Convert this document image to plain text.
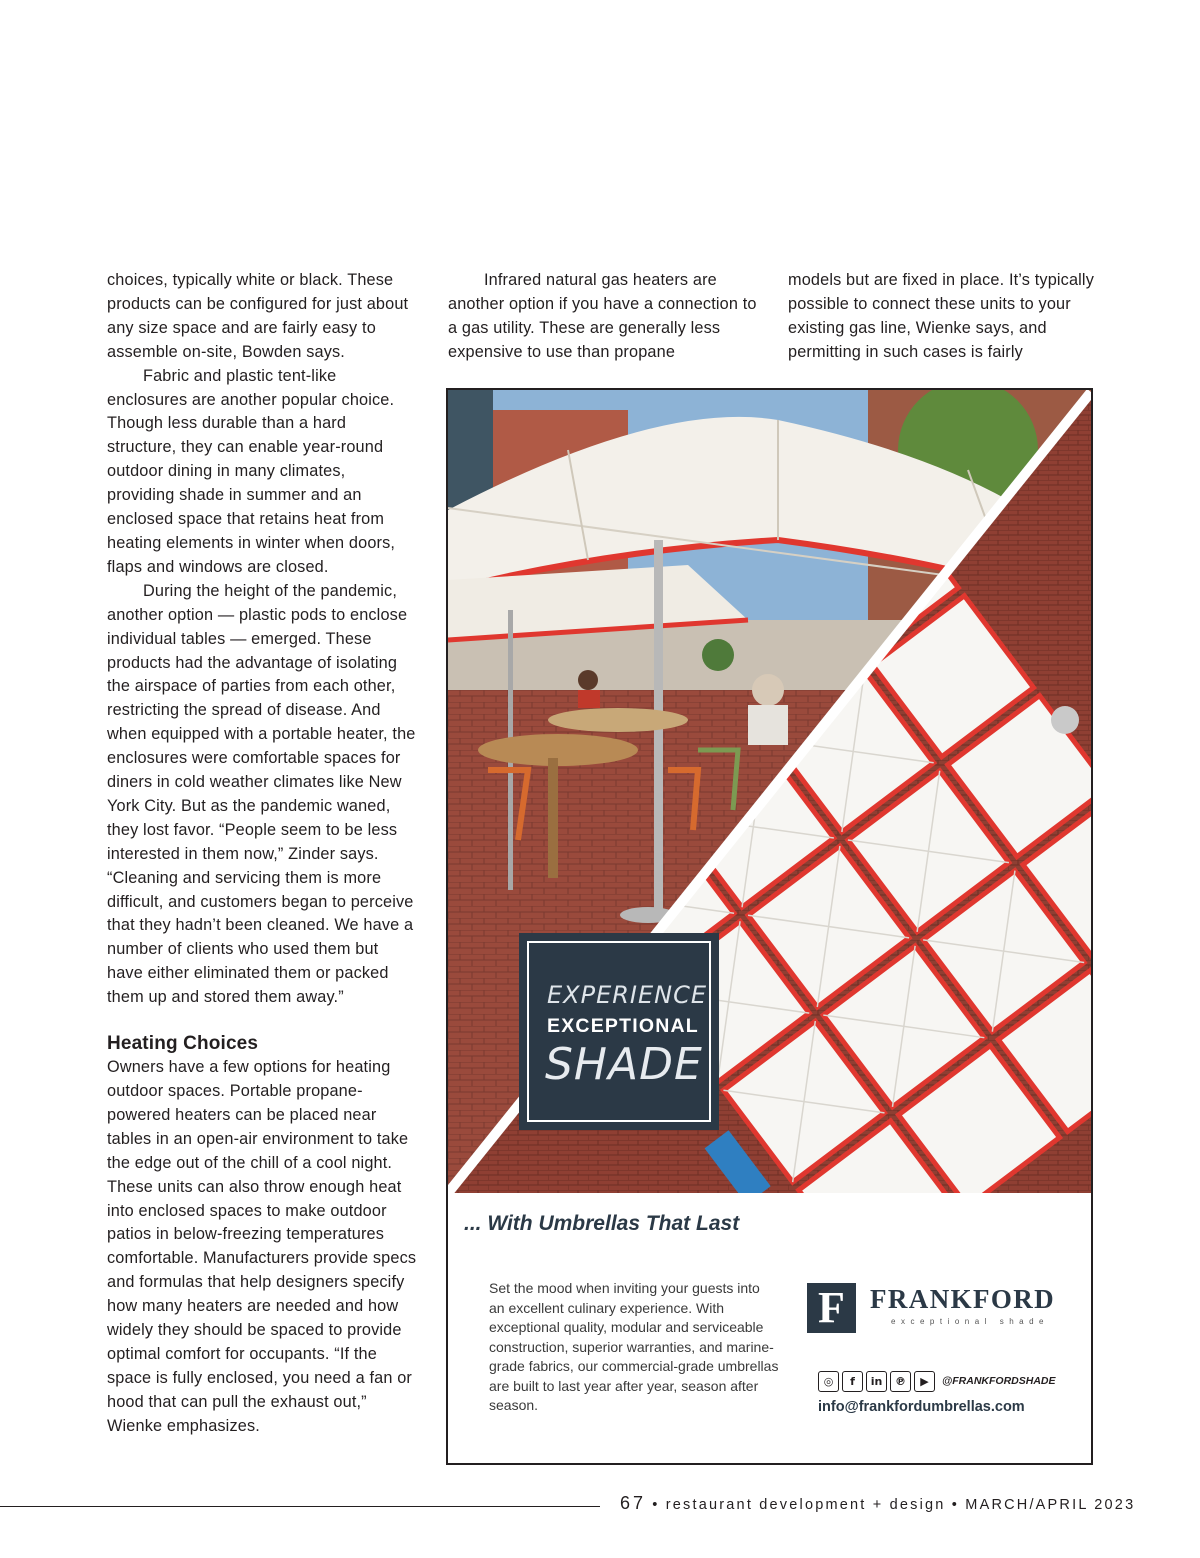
choices, typically white or black. These products can be configured for just about any size space and are fairly easy to assemble on-site, Bowden says.

Fabric and plastic tent-like enclosures are another popular choice. Though less durable than a hard structure, they can enable year-round outdoor dining in many climates, providing shade in summer and an enclosed space that retains heat from heating elements in winter when doors, flaps and windows are closed.

During the height of the pandemic, another option — plastic pods to enclose individual tables — emerged. These products had the advantage of isolating the airspace of parties from each other, restricting the spread of disease. And when equipped with a portable heater, the enclosures were comfortable spaces for diners in cold weather climates like New York City. But as the pandemic waned, they lost favor. “People seem to be less interested in them now,” Zinder says. “Cleaning and servicing them is more difficult, and customers began to perceive that they hadn’t been cleaned. We have a number of clients who used them but have either eliminated them or packed them up and stored them away.”

Heating Choices

Owners have a few options for heating outdoor spaces. Portable propane-powered heaters can be placed near tables in an open-air environment to take the edge out of the chill of a cool night. These units can also throw enough heat into enclosed spaces to make outdoor patios in below-freezing temperatures comfortable. Manufacturers provide specs and formulas that help designers specify how many heaters are needed and how widely they should be spaced to provide optimal comfort for occupants. “If the space is fully enclosed, you need a fan or hood that can pull the exhaust out,” Wienke emphasizes.

Infrared natural gas heaters are another option if you have a connection to a gas utility. These are generally less expensive to use than propane

models but are fixed in place. It’s typically possible to connect these units to your existing gas line, Wienke says, and permitting in such cases is fairly

EXPERIENCE
EXCEPTIONAL
SHADE
... With Umbrellas That Last
Set the mood when inviting your guests into an excellent culinary experience. With exceptional quality, modular and serviceable construction, superior warranties, and marine-grade fabrics, our commercial-grade umbrellas are built to last year after year, season after season.
F FRANKFORD
exceptional shade
◎	f	in	℗	▶	@FRANKFORDSHADE
info@frankfordumbrellas.com
67 • restaurant development + design • MARCH/APRIL 2023
